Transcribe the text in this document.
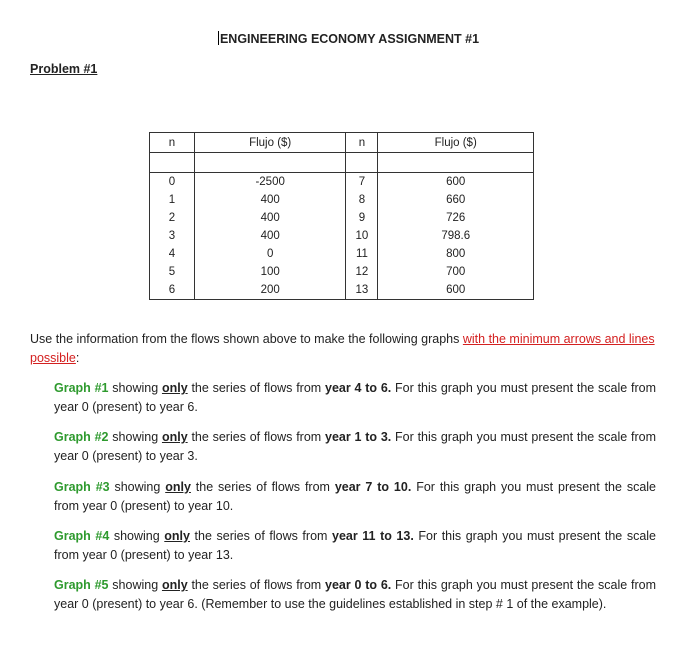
ENGINEERING ECONOMY ASSIGNMENT #1
Problem #1
n	Flujo ($)	n	Flujo ($)

0	-2500	7	600
1	400	8	660
2	400	9	726
3	400	10	798.6
4	0	11	800
5	100	12	700
6	200	13	600
Use the information from the flows shown above to make the following graphs with the minimum arrows and lines possible:
Graph #1 showing only the series of flows from year 4 to 6. For this graph you must present the scale from year 0 (present) to year 6.
Graph #2 showing only the series of flows from year 1 to 3. For this graph you must present the scale from year 0 (present) to year 3.
Graph #3 showing only the series of flows from year 7 to 10. For this graph you must present the scale from year 0 (present) to year 10.
Graph #4 showing only the series of flows from year 11 to 13. For this graph you must present the scale from year 0 (present) to year 13.
Graph #5 showing only the series of flows from year 0 to 6. For this graph you must present the scale from year 0 (present) to year 6. (Remember to use the guidelines established in step # 1 of the example).
